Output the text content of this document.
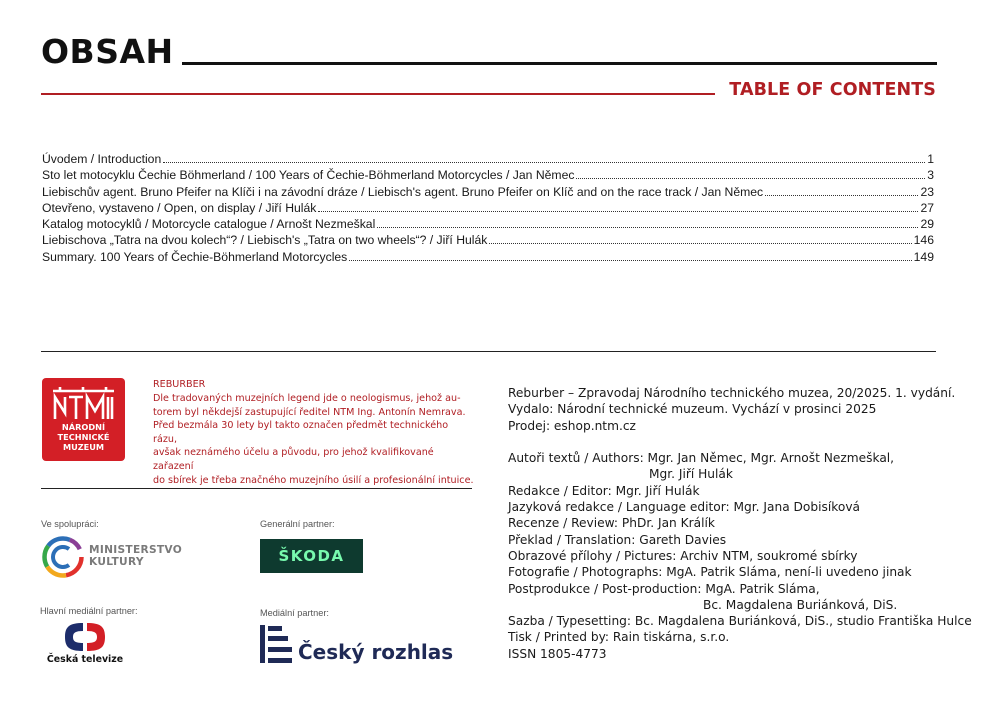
OBSAH
TABLE OF CONTENTS
Úvodem / Introduction	1
Sto let motocyklu Čechie Böhmerland / 100 Years of Čechie-Böhmerland Motorcycles / Jan Němec	3
Liebischův agent. Bruno Pfeifer na Klíči i na závodní dráze / Liebisch's agent. Bruno Pfeifer on Klíč and on the race track / Jan Němec	23
Otevřeno, vystaveno / Open, on display / Jiří Hulák	27
Katalog motocyklů / Motorcycle catalogue / Arnošt Nezmeškal	29
Liebischova „Tatra na dvou kolech“? / Liebisch's „Tatra on two wheels“? / Jiří Hulák	146
Summary. 100 Years of Čechie-Böhmerland Motorcycles	149
NÁRODNÍ
TECHNICKÉ
MUZEUM
REBURBER
Dle tradovaných muzejních legend jde o neologismus, jehož au-
torem byl někdejší zastupující ředitel NTM Ing. Antonín Nemrava.
Před bezmála 30 lety byl takto označen předmět technického rázu,
avšak neznámého účelu a původu, pro jehož kvalifikované zařazení
do sbírek je třeba značného muzejního úsilí a profesionální intuice.
Ve spolupráci:
MINISTERSTVO
KULTURY
Generální partner:
ŠKODA
Hlavní mediální partner:
Česká televize
Mediální partner:
Český rozhlas
Reburber – Zpravodaj Národního technického muzea, 20/2025. 1. vydání.
Vydalo: Národní technické muzeum. Vychází v prosinci 2025
Prodej: eshop.ntm.cz
Autoři textů / Authors: Mgr. Jan Němec, Mgr. Arnošt Nezmeškal,
Mgr. Jiří Hulák
Redakce / Editor: Mgr. Jiří Hulák
Jazyková redakce / Language editor: Mgr. Jana Dobisíková
Recenze / Review: PhDr. Jan Králík
Překlad / Translation: Gareth Davies
Obrazové přílohy / Pictures: Archiv NTM, soukromé sbírky
Fotografie / Photographs: MgA. Patrik Sláma, není-li uvedeno jinak
Postprodukce / Post-production: MgA. Patrik Sláma,
Bc. Magdalena Buriánková, DiS.
Sazba / Typesetting: Bc. Magdalena Buriánková, DiS., studio Františka Hulce
Tisk / Printed by: Rain tiskárna, s.r.o.
ISSN 1805-4773
